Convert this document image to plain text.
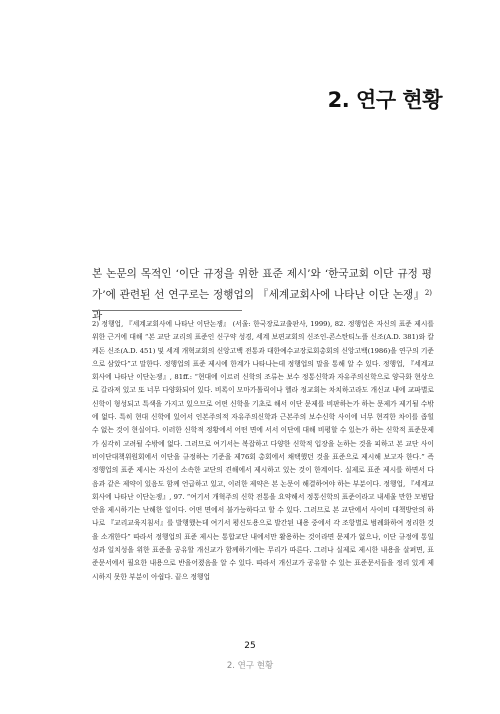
2. 연구 현황

본 논문의 목적인 ‘이단 규정을 위한 표준 제시’와 ‘한국교회 이단 규정 평가’에 관련된 선 연구로는 정행업의 『세계교회사에 나타난 이단 논쟁』$^{2)}$과

2) 정행업, 『세계교회사에 나타난 이단논쟁』 (서울: 한국장로교출판사, 1999), 82. 정행업은 자신의 표준 제시를 위한 근거에 대해 “본 교단 교리의 표준인 신구약 성경, 세계 보편교회의 신조인-콘스탄티노플 신조(A.D. 381)와 칼케돈 신조(A.D. 451) 및 세계 개혁교회의 신앙고백 전통과 대한예수교장로회총회의 신앙고백(1986)을 연구의 기준으로 삼았다”고 말한다. 정행업의 표준 제시에 한계가 나타나는데 정행업의 말을 통해 알 수 있다. 정행업, 『세계교회사에 나타난 이단논쟁』, 81ff.: “현대에 이르러 신학의 조류는 보수 정통신학과 자유주의신학으로 양극화 현상으로 갈라져 있고 또 너무 다양화되어 있다. 비록이 모마가톨릭이나 헬라 정교회는 차치하고라도 개신교 내에 교파별로 신학이 형성되고 특색을 가지고 있으므로 어떤 신학을 기초로 해서 이단 문제를 비판하는가 하는 문제가 제기될 수밖에 없다. 특히 현대 신학에 있어서 인본주의적 자유주의신학과 근본주의 보수신학 사이에 너무 현격한 차이를 좁힐 수 없는 것이 현실이다. 이러한 신학적 정황에서 어떤 면에 서서 이단에 대해 비평할 수 있는가 하는 신학적 표준문제가 심각히 고려될 수밖에 없다. 그러므로 여기서는 복잡하고 다양한 신학적 입장을 논하는 것을 피하고 본 교단 사이비이단대책위원회에서 이단을 규정하는 기준을 제76회 총회에서 채택했던 것을 표준으로 제시해 보고자 한다.” 즉 정행업의 표준 제시는 자신이 소속한 교단의 견해에서 제시하고 있는 것이 한계이다. 실제로 표준 제시를 하면서 다음과 같은 제약이 있음도 함께 언급하고 있고, 이러한 제약은 본 논문이 해결하여야 하는 부분이다. 정행업, 『세계교회사에 나타난 이단논쟁』, 97. “여기서 개혁주의 신학 전통을 요약해서 정통신학의 표준이라고 내세울 만한 모범답안을 제시하기는 난해한 일이다. 어떤 면에서 불가능하다고 할 수 있다. 그러므로 본 교단에서 사이비 대책방안의 하나로 『교리교육지침서』를 발행했는데 여기서 평신도용으로 발간된 내용 중에서 각 조항별로 범례화하여 정리한 것을 소개한다” 따라서 정행업의 표준 제시는 통합교단 내에서만 활용하는 것이라면 문제가 없으나, 이단 규정에 통일성과 일치성을 위한 표준을 공유할 개신교가 함께하기에는 무리가 따른다. 그러나 실제로 제시한 내용을 살펴면, 표준문서에서 필요한 내용으로 반을어졌음을 알 수 있다. 따라서 개신교가 공유할 수 있는 표준문서들을 정리 있게 제시하지 못한 부분이 아쉽다. 끝으 정행업

25
2. 연구 현황
